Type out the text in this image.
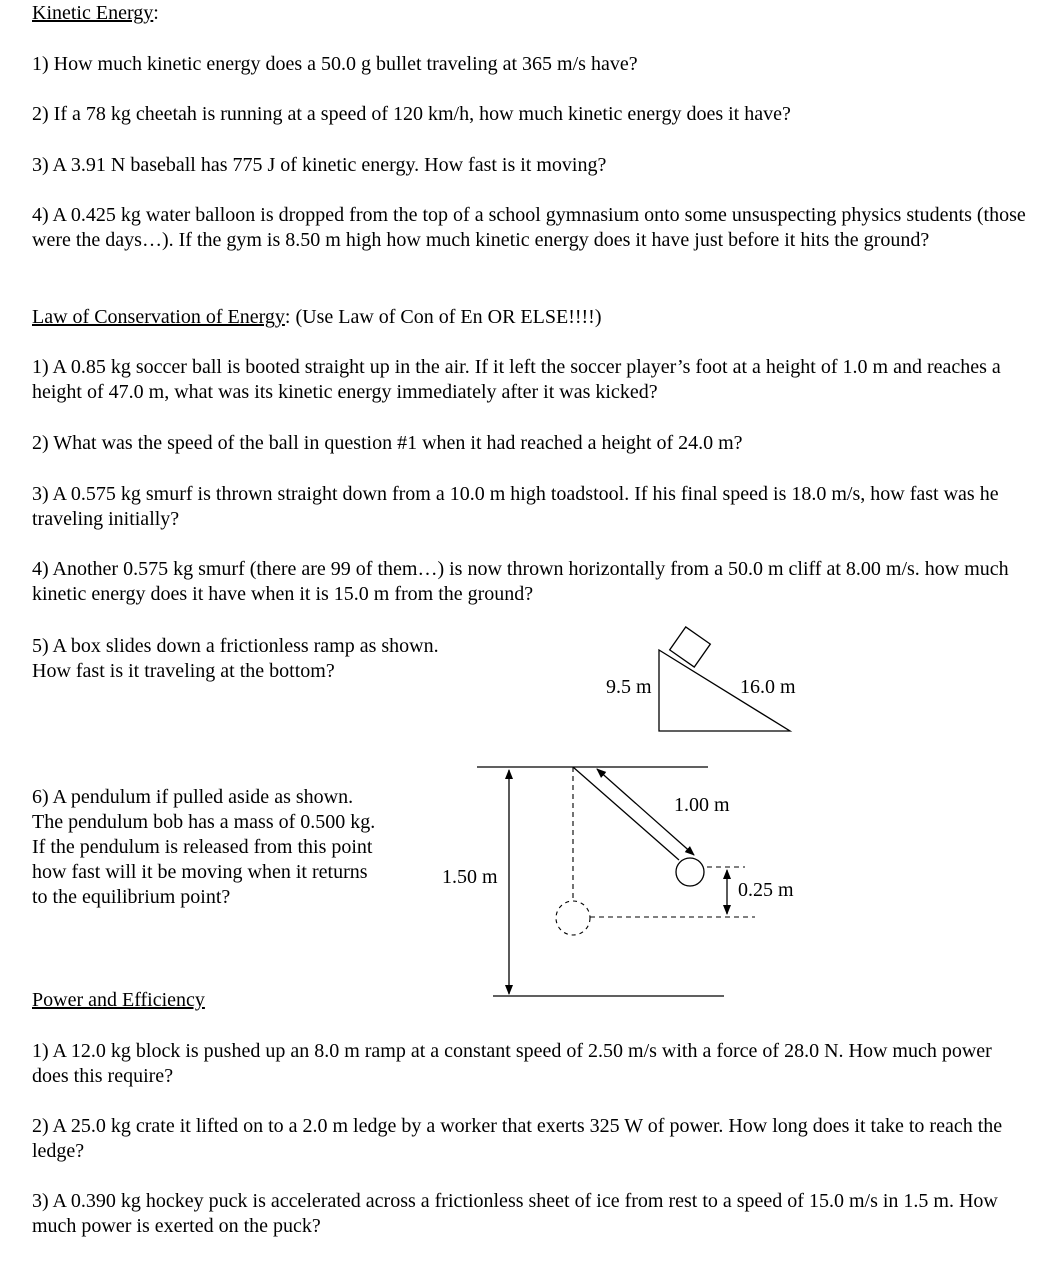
Kinetic Energy:

1) How much kinetic energy does a 50.0 g bullet traveling at 365 m/s have?

2) If a 78 kg cheetah is running at a speed of 120 km/h, how much kinetic energy does it have?

3) A 3.91 N baseball has 775 J of kinetic energy. How fast is it moving?

4) A 0.425 kg water balloon is dropped from the top of a school gymnasium onto some unsuspecting physics students (those were the days…). If the gym is 8.50 m high how much kinetic energy does it have just before it hits the ground?

Law of Conservation of Energy: (Use Law of Con of En OR ELSE!!!!)

1) A 0.85 kg soccer ball is booted straight up in the air. If it left the soccer player’s foot at a height of 1.0 m and reaches a height of 47.0 m, what was its kinetic energy immediately after it was kicked?

2) What was the speed of the ball in question #1 when it had reached a height of 24.0 m?

3) A 0.575 kg smurf is thrown straight down from a 10.0 m high toadstool. If his final speed is 18.0 m/s, how fast was he traveling initially?

4) Another 0.575 kg smurf (there are 99 of them…) is now thrown horizontally from a 50.0 m cliff at 8.00 m/s. how much kinetic energy does it have when it is 15.0 m from the ground?

5) A box slides down a frictionless ramp as shown.
How fast is it traveling at the bottom?

6) A pendulum if pulled aside as shown.
The pendulum bob has a mass of 0.500 kg.
If the pendulum is released from this point
how fast will it be moving when it returns
to the equilibrium point?

9.5 m	16.0 m
1.50 m
1.00 m
0.25 m

Power and Efficiency

1) A 12.0 kg block is pushed up an 8.0 m ramp at a constant speed of 2.50 m/s with a force of 28.0 N. How much power does this require?

2) A 25.0 kg crate it lifted on to a 2.0 m ledge by a worker that exerts 325 W of power. How long does it take to reach the ledge?

3) A 0.390 kg hockey puck is accelerated across a frictionless sheet of ice from rest to a speed of 15.0 m/s in 1.5 m. How much power is exerted on the puck?
